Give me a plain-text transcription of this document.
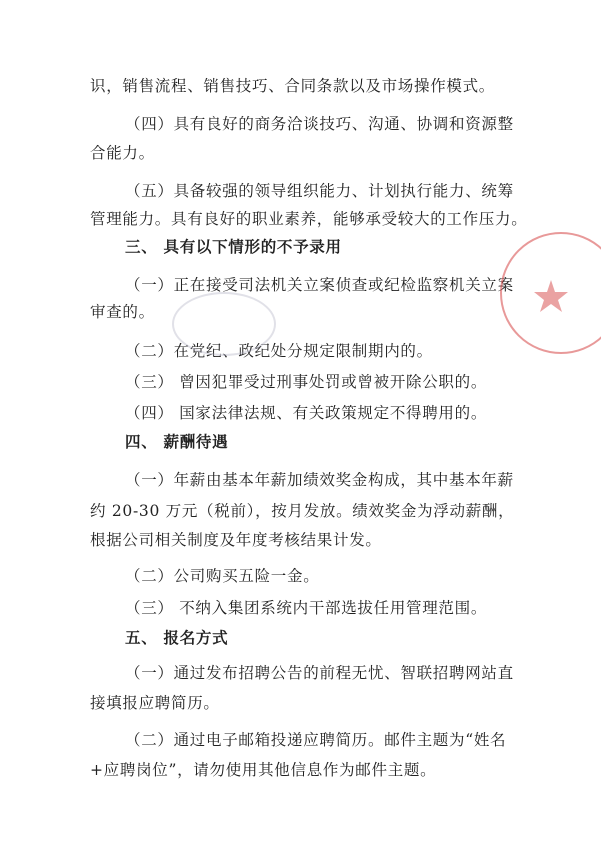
识，销售流程、销售技巧、合同条款以及市场操作模式。
（四）具有良好的商务洽谈技巧、沟通、协调和资源整
合能力。
（五）具备较强的领导组织能力、计划执行能力、统筹
管理能力。具有良好的职业素养，能够承受较大的工作压力。
三、 具有以下情形的不予录用
（一）正在接受司法机关立案侦查或纪检监察机关立案
审查的。
（二）在党纪、政纪处分规定限制期内的。
（三） 曾因犯罪受过刑事处罚或曾被开除公职的。
（四） 国家法律法规、有关政策规定不得聘用的。
四、 薪酬待遇
（一）年薪由基本年薪加绩效奖金构成，其中基本年薪
约 20-30 万元（税前），按月发放。绩效奖金为浮动薪酬，
根据公司相关制度及年度考核结果计发。
（二）公司购买五险一金。
（三） 不纳入集团系统内干部选拔任用管理范围。
五、 报名方式
（一）通过发布招聘公告的前程无忧、智联招聘网站直
接填报应聘简历。
（二）通过电子邮箱投递应聘简历。邮件主题为“姓名
+应聘岗位”，请勿使用其他信息作为邮件主题。
